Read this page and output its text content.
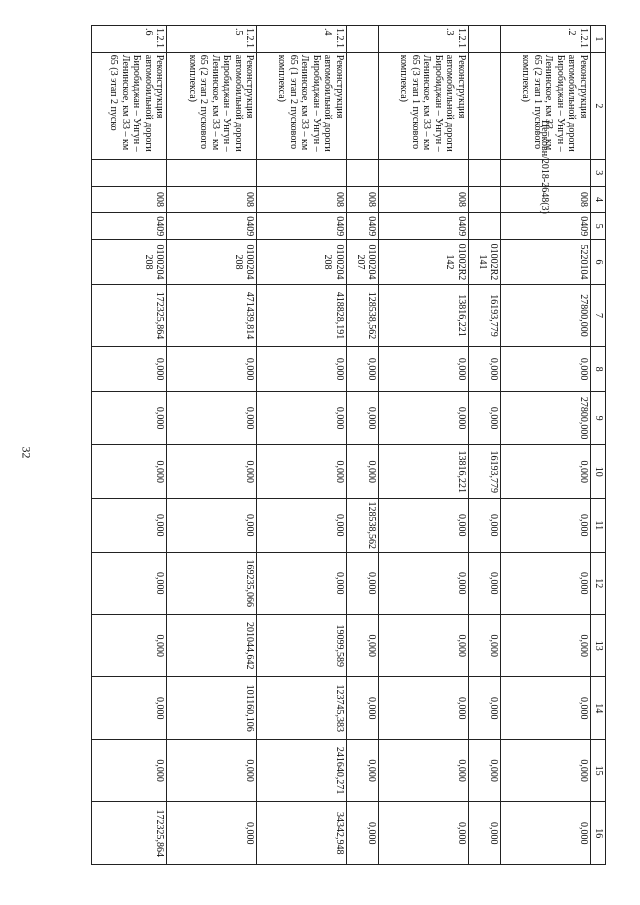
32
Церковн/2018-2648(3)
1	2	3	4	5	6	7	8	9	10	11	12	13	14	15	16
1.2.1.2	Реконструкция автомобильной дороги Биробиджан – Унгун – Ленинское, км 33 – км 65 (2 этап 1 пускового комплекса)		008	0409	5220104	27800,000	0,000	27800,000	0,000	0,000	0,000	0,000	0,000	0,000	0,000
					01002R2141	16193,779	0,000	0,000	16193,779	0,000	0,000	0,000	0,000	0,000	0,000
1.2.1.3	Реконструкция автомобильной дороги Биробиджан – Унгун – Ленинское, км 33 – км 65 (3 этап 1 пускового комплекса)		008	0409	01002R2142	13816,221	0,000	0,000	13816,221	0,000	0,000	0,000	0,000	0,000	0,000
			008	0409	0100204207	128538,562	0,000	0,000	0,000	128538,562	0,000	0,000	0,000	0,000	0,000
1.2.1.4	Реконструкция автомобильной дороги Биробиджан – Унгун – Ленинское, км 33 – км 65 (1 этап 2 пускового комплекса)		008	0409	0100204208	418828,191	0,000	0,000	0,000	0,000	0,000	19099,589	123745,383	241640,271	34342,948
1.2.1.5	Реконструкция автомобильной дороги Биробиджан – Унгун – Ленинское, км 33 – км 65 (2 этап 2 пускового комплекса)		008	0409	0100204208	471439,814	0,000	0,000	0,000	0,000	169235,066	201044,642	101160,106	0,000	0,000
1.2.1.6	Реконструкция автомобильной дороги Биробиджан – Унгун – Ленинское, км 33 – км 65 (3 этап 2 пуско		008	0409	0100204208	172325,864	0,000	0,000	0,000	0,000	0,000	0,000	0,000	0,000	172325,864
